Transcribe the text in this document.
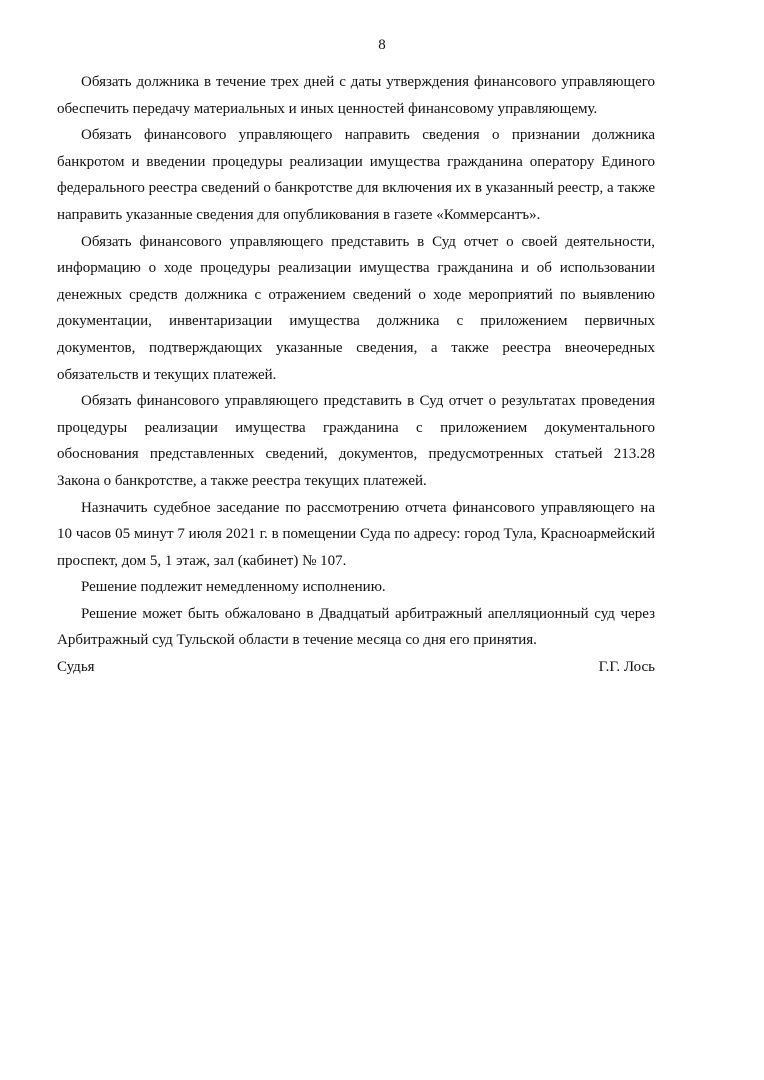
8

Обязать должника в течение трех дней с даты утверждения финансового управляющего обеспечить передачу материальных и иных ценностей финансовому управляющему.

Обязать финансового управляющего направить сведения о признании должника банкротом и введении процедуры реализации имущества гражданина оператору Единого федерального реестра сведений о банкротстве для включения их в указанный реестр, а также направить указанные сведения для опубликования в газете «Коммерсантъ».

Обязать финансового управляющего представить в Суд отчет о своей деятельности, информацию о ходе процедуры реализации имущества гражданина и об использовании денежных средств должника с отражением сведений о ходе мероприятий по выявлению документации, инвентаризации имущества должника с приложением первичных документов, подтверждающих указанные сведения, а также реестра внеочередных обязательств и текущих платежей.

Обязать финансового управляющего представить в Суд отчет о результатах проведения процедуры реализации имущества гражданина с приложением документального обоснования представленных сведений, документов, предусмотренных статьей 213.28 Закона о банкротстве, а также реестра текущих платежей.

Назначить судебное заседание по рассмотрению отчета финансового управляющего на 10 часов 05 минут 7 июля 2021 г. в помещении Суда по адресу: город Тула, Красноармейский проспект, дом 5, 1 этаж, зал (кабинет) № 107.

Решение подлежит немедленному исполнению.

Решение может быть обжаловано в Двадцатый арбитражный апелляционный суд через Арбитражный суд Тульской области в течение месяца со дня его принятия.

Судья	Г.Г. Лось
